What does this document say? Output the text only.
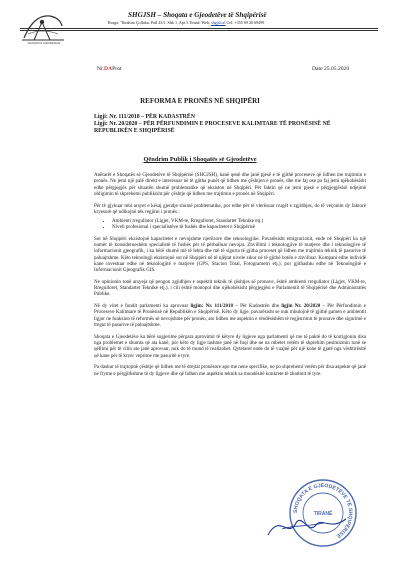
SHOQATA E GJEODETEVE
SHGJSH – Shoqata e Gjeodetëve të Shqipërisë
Rruga: "Ibrahim Çollaku, Pall 23/1, Shk 1, Apt 3 Tiranë, Web: shgjsh.al Cel: +355 69 20 69499
Nr.DAProt	Date 25.05.2020
REFORMA E PRONËS NË SHQIPËRI
Ligji: Nr. 111/2018 – PËR KADASTRËN
Ligji: Nr. 20/2020 – PËR PËRFUNDIMIN E PROCESEVE KALIMTARE TË PRONËSISË NË REPUBLIKËN E SHQIPËRISË
Qëndrim Publik i Shoqatës së Gjeodetëve

Anëtarët e Shoqatës së Gjeodetëve të Shqipërisë (SHGJSH), kanë qenë dhe janë pjesë e të gjithë proceseve që lidhen me trajtimin e pronës. Ne jemi një palë direkt e interesuar në të gjitha punët që lidhen me çështjen e pronës, dhe me faj ose pa faj jemi njëkohësisht edhe përgjegjës për situatën shumë problematike që ekziston në Shqipëri. Për faktin që ne jemi pjesë e përgjegjësisë ndjejmë obligimin të shprehemi publikisht për çështje që lidhen me trajtimin e pronës në Shqipëri.

Për të gjykuar mbi arsyet e kësaj gjendje shumë problematike, por edhe për të vlerësuar rrugët e zgjidhjes, do të veçonim dy faktorë kryesorë që ndikojnë tek regjimi i pronës :

• Ambienti rregullator (Ligjet, VKM-te, Rregulloret, Standartet Teknike etj.)
• Niveli profesional i specialistëve të fushës dhe kapacitetet e Shqipërisë

Sot në Shqipëri ekzistojnë kapacitetet e nevojshme njerëzore dhe teknologjike. Pavarësisht emigracionit, ende në Shqipëri ka një numër të konsiderueshëm specialistë të fushës për të përballuar nevojat. Zhvillimi i teknologjive të matjeve dhe i teknologjive të informacionit gjeografik, i ka bërë shumë më të lehta dhe më të sigurta të gjitha proceset që lidhen me trajtimin teknik të pasurive të paluajtshme. Këto teknologji ekzistojnë sot në Shqipëri në të njëjtat nivele sikur në të gjithë botën e zhvilluar. Kompani edhe individë kane investuar edhe në teknologjitë e matjeve (GPS, Stacion Total, Fotogrametri etj.), por gjithashtu edhe në Teknologjitë e Informacionit Gjeografik GIS.

Ne opinionin tonë arsyeja që pengon zgjidhjen e aspektit teknik të çështjes së pronave, është ambienti rregullator (Ligjet, VKM-te, Rregulloret, Standartet Teknike etj.), i cili është monopol dhe njëkohësisht përgjegjësi e Parlamentit të Shqipërisë dhe Administratës Publike.

Në dy vitet e fundit parlamenti ka aprovuar ligjin: Nr. 111/2018 – Për Kadastrën dhe ligjin Nr. 20/2020 – Për Përfundimin e Proceseve Kalimtare të Pronësisë në Republikën e Shqipërisë. Këto dy ligje, pavarësisht se nuk mbulojnë të gjithë gamen e ambientit ligjor ne funksion të reformës së nevojshme për pronën, ato lidhen me aspektin e rëndësishëm të regjistrimit të pronave dhe sigurimë e tregut të pasurive të paluajtshme.

Shoqata e Gjeodetëve ka bërë sugjerime përpara aprovimit të këtyre dy ligjeve nga parlamenti që me të paktë do të korrigjonin disa nga problemet e shumta që ata kanë, por këto dy ligje tashme janë në fuqi dhe ne na mbetet vetëm të shprehim pesimizmin tonë se qëllimi për të cilin ato janë aprovuar, nuk do të mund të realizohet. Qytetaret ende do të vuajnë për një kohe të gjatë nga vështirësitë që kane për të kryer veprime me pasuritë e tyre.

Pa dashur të trajtojmë çështje që lidhen me të drejtat pronësore apo me nene specifike, ne po shprehemi vetëm për disa aspekte që janë ne fryme e përgjithshme të dy ligjeve dhe që lidhen me aspektin teknik sa mundësitë konkrete të zbatimit të tyre.

SHOQATA E GJEODETËVE TË SHQIPËRISË
TIRANË
